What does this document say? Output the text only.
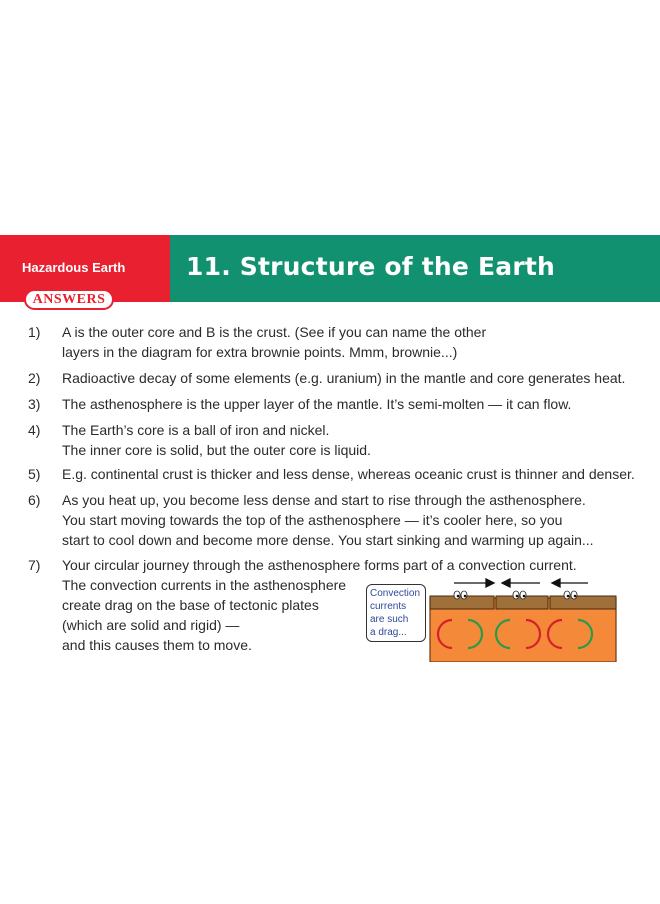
Hazardous Earth 11. Structure of the Earth
ANSWERS
1) A is the outer core and B is the crust. (See if you can name the other
layers in the diagram for extra brownie points. Mmm, brownie...)
2) Radioactive decay of some elements (e.g. uranium) in the mantle and core generates heat.
3) The asthenosphere is the upper layer of the mantle. It’s semi-molten — it can flow.
4) The Earth’s core is a ball of iron and nickel.
The inner core is solid, but the outer core is liquid.
5) E.g. continental crust is thicker and less dense, whereas oceanic crust is thinner and denser.
6) As you heat up, you become less dense and start to rise through the asthenosphere.
You start moving towards the top of the asthenosphere — it’s cooler here, so you
start to cool down and become more dense. You start sinking and warming up again...
7) Your circular journey through the asthenosphere forms part of a convection current.
The convection currents in the asthenosphere
create drag on the base of tectonic plates
(which are solid and rigid) —
and this causes them to move.
Convection
currents
are such
a drag...
